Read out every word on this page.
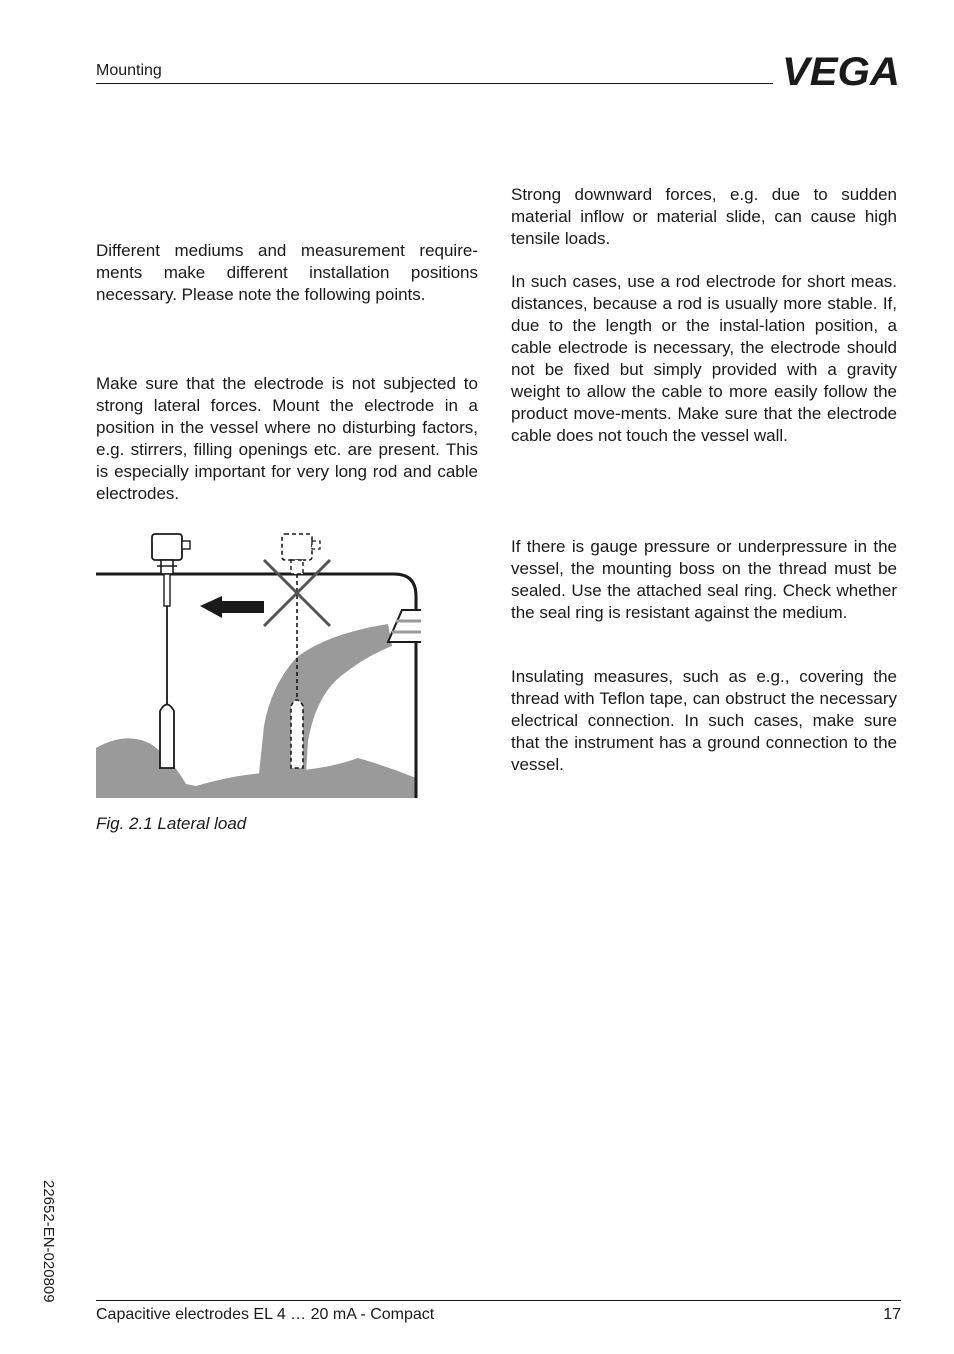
Mounting	VEGA

Different mediums and measurement require-ments make different installation positions necessary. Please note the following points.

Make sure that the electrode is not subjected to strong lateral forces. Mount the electrode in a position in the vessel where no disturbing factors, e.g. stirrers, filling openings etc. are present. This is especially important for very long rod and cable electrodes.

Fig. 2.1 Lateral load

Strong downward forces, e.g. due to sudden material inflow or material slide, can cause high tensile loads.

In such cases, use a rod electrode for short meas. distances, because a rod is usually more stable. If, due to the length or the instal-lation position, a cable electrode is necessary, the electrode should not be fixed but simply provided with a gravity weight to allow the cable to more easily follow the product move-ments. Make sure that the electrode cable does not touch the vessel wall.

If there is gauge pressure or underpressure in the vessel, the mounting boss on the thread must be sealed. Use the attached seal ring. Check whether the seal ring is resistant against the medium.

Insulating measures, such as e.g., covering the thread with Teflon tape, can obstruct the necessary electrical connection. In such cases, make sure that the instrument has a ground connection to the vessel.

22652-EN-020809
Capacitive electrodes EL 4 … 20 mA - Compact	17
